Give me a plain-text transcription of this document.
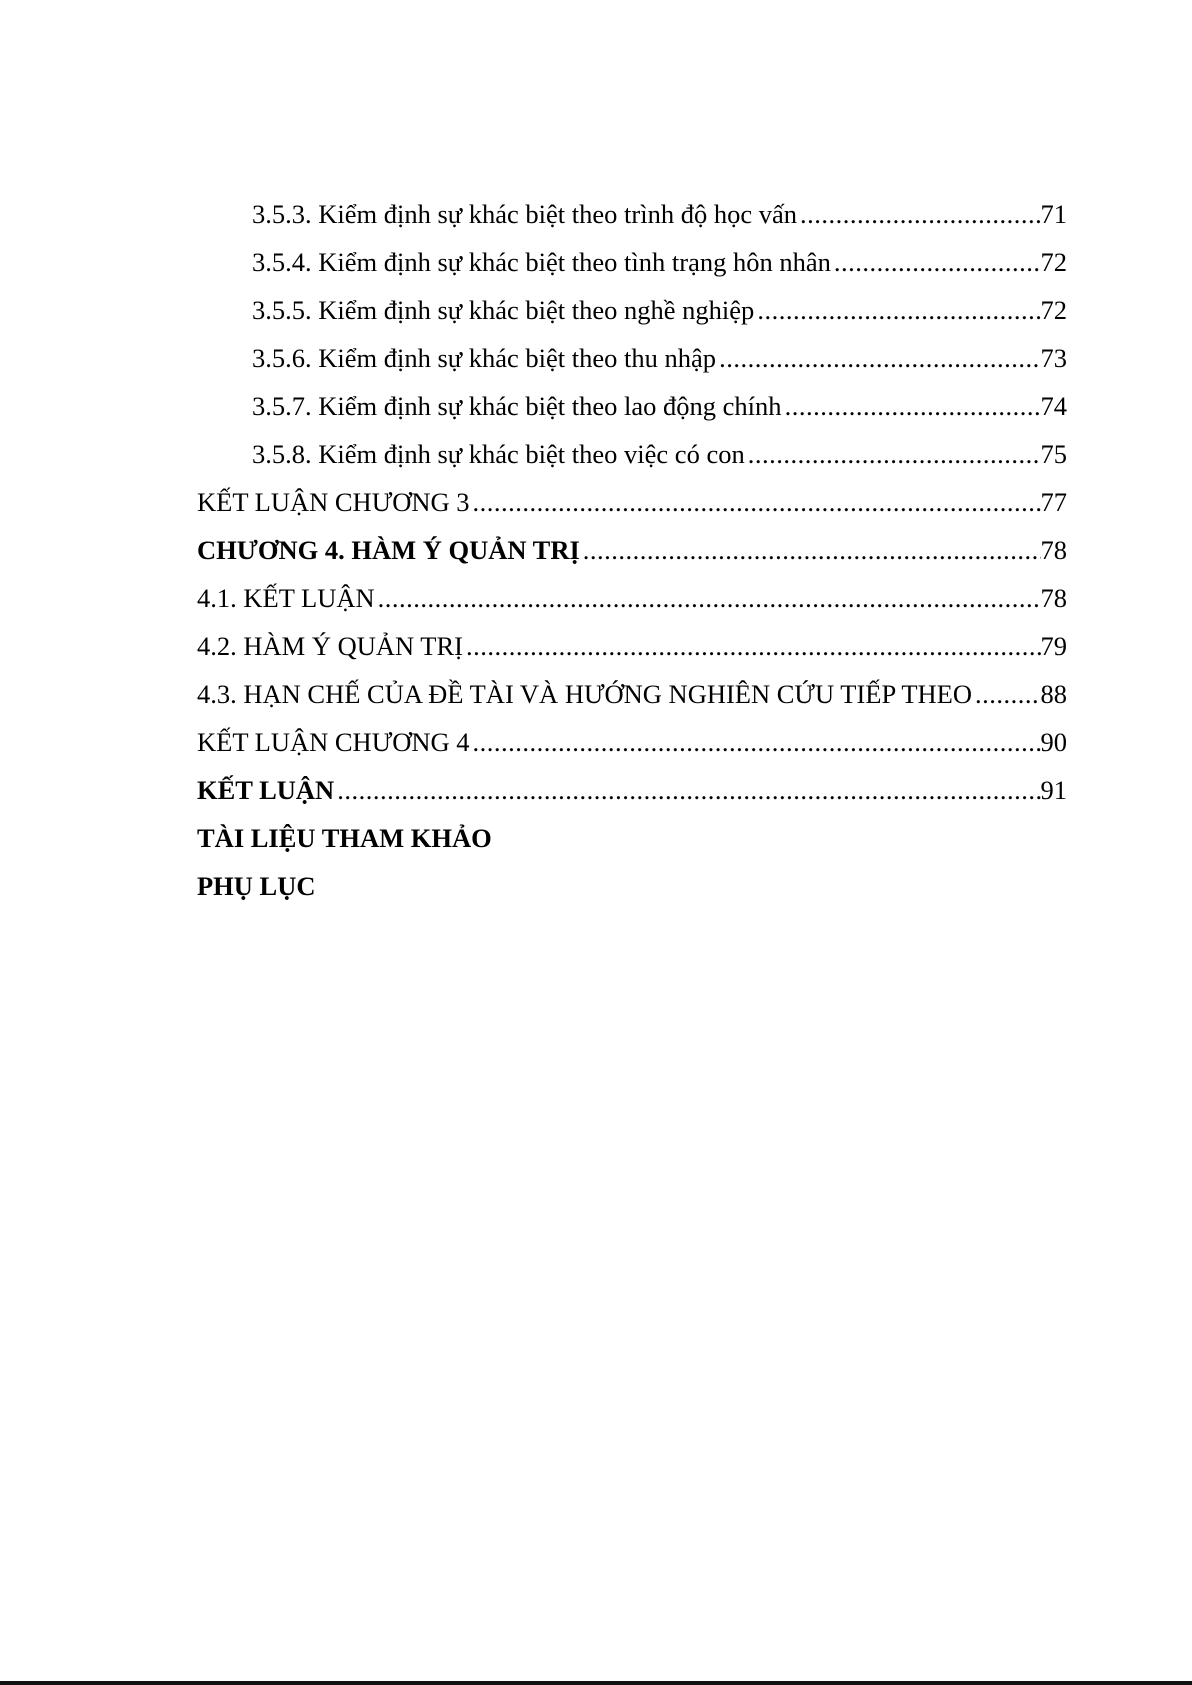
3.5.3. Kiểm định sự khác biệt theo trình độ học vấn .....	71
3.5.4. Kiểm định sự khác biệt theo tình trạng hôn nhân .....	72
3.5.5. Kiểm định sự khác biệt theo nghề nghiệp .....	72
3.5.6. Kiểm định sự khác biệt theo thu nhập .....	73
3.5.7. Kiểm định sự khác biệt theo lao động chính .....	74
3.5.8. Kiểm định sự khác biệt theo việc có con .....	75
KẾT LUẬN CHƯƠNG 3 .....	77
CHƯƠNG 4. HÀM Ý QUẢN TRỊ .....	78
4.1. KẾT LUẬN .....	78
4.2. HÀM Ý QUẢN TRỊ .....	79
4.3. HẠN CHẾ CỦA ĐỀ TÀI VÀ HƯỚNG NGHIÊN CỨU TIẾP THEO .....	88
KẾT LUẬN CHƯƠNG 4 .....	90
KẾT LUẬN .....	91
TÀI LIỆU THAM KHẢO
PHỤ LỤC
